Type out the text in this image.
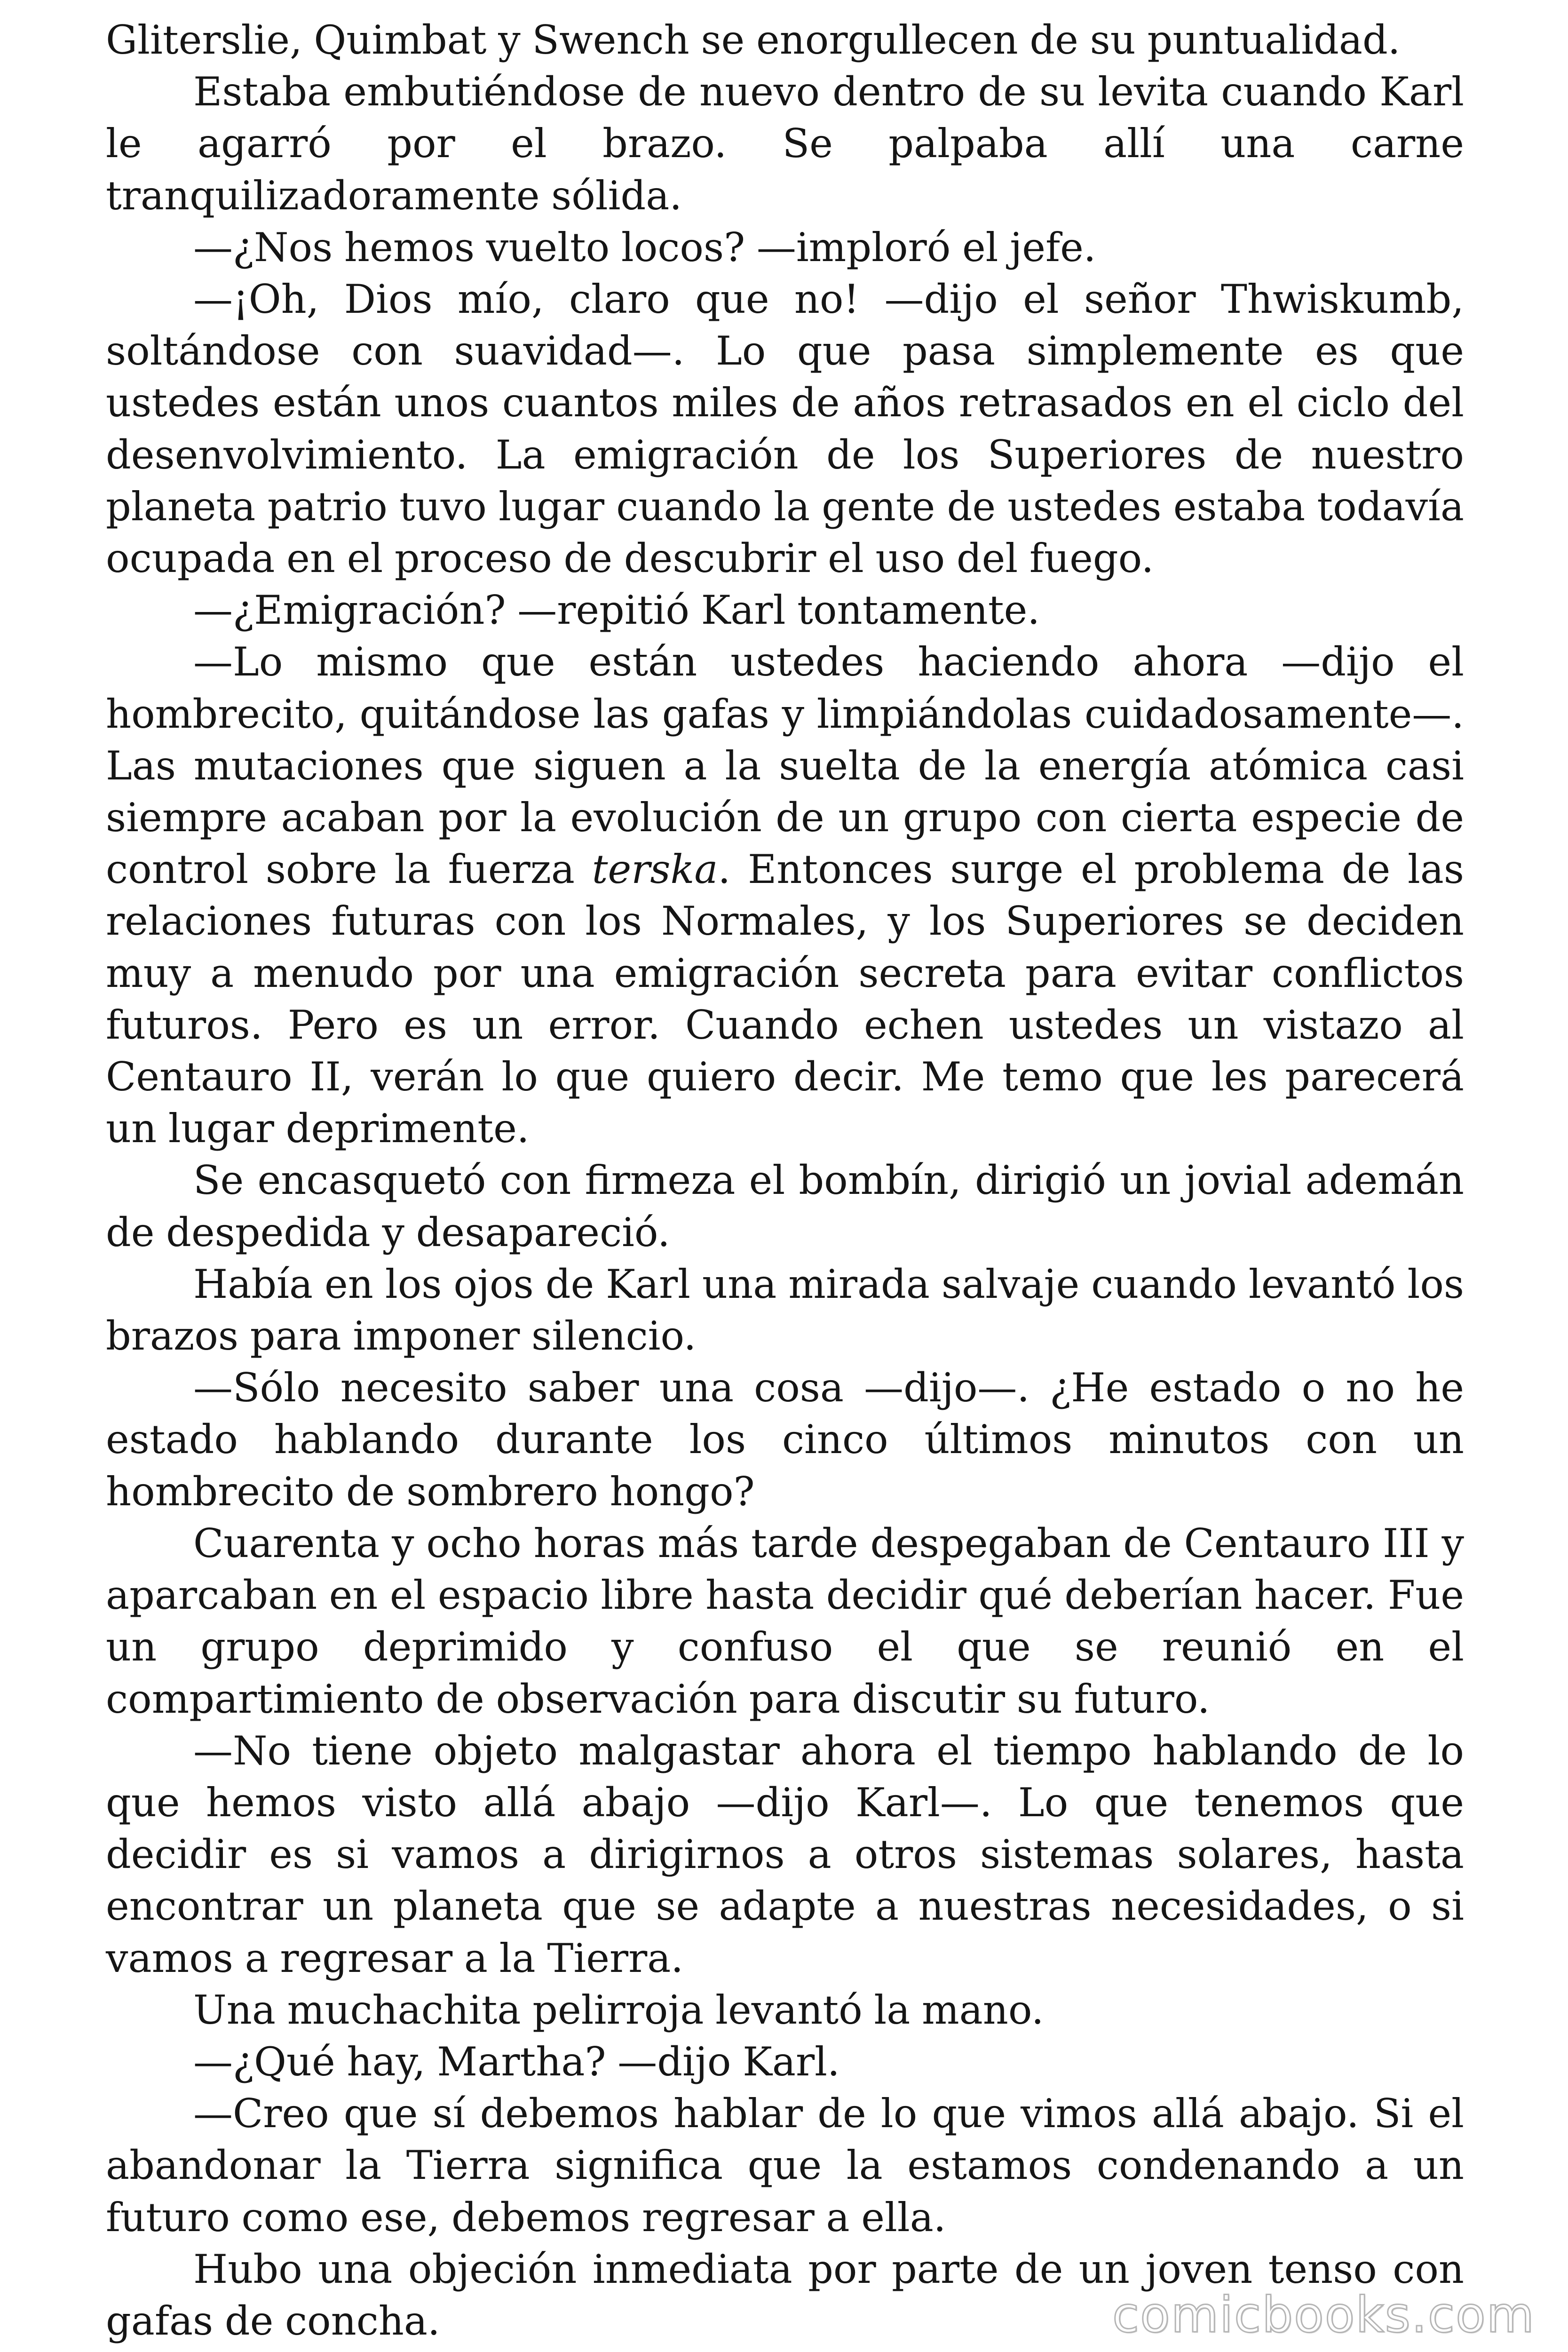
Gliterslie, Quimbat y Swench se enorgullecen de su puntualidad.

Estaba embutiéndose de nuevo dentro de su levita cuando Karl le agarró por el brazo. Se palpaba allí una carne tranquilizadoramente sólida.

—¿Nos hemos vuelto locos? —imploró el jefe.

—¡Oh, Dios mío, claro que no! —dijo el señor Thwiskumb, soltándose con suavidad—. Lo que pasa simplemente es que ustedes están unos cuantos miles de años retrasados en el ciclo del desenvolvimiento. La emigración de los Superiores de nuestro planeta patrio tuvo lugar cuando la gente de ustedes estaba todavía ocupada en el proceso de descubrir el uso del fuego.

—¿Emigración? —repitió Karl tontamente.

—Lo mismo que están ustedes haciendo ahora —dijo el hombrecito, quitándose las gafas y limpiándolas cuidadosamente—. Las mutaciones que siguen a la suelta de la energía atómica casi siempre acaban por la evolución de un grupo con cierta especie de control sobre la fuerza terska. Entonces surge el problema de las relaciones futuras con los Normales, y los Superiores se deciden muy a menudo por una emigración secreta para evitar conflictos futuros. Pero es un error. Cuando echen ustedes un vistazo al Centauro II, verán lo que quiero decir. Me temo que les parecerá un lugar deprimente.

Se encasquetó con firmeza el bombín, dirigió un jovial ademán de despedida y desapareció.

Había en los ojos de Karl una mirada salvaje cuando levantó los brazos para imponer silencio.

—Sólo necesito saber una cosa —dijo—. ¿He estado o no he estado hablando durante los cinco últimos minutos con un hombrecito de sombrero hongo?

Cuarenta y ocho horas más tarde despegaban de Centauro III y aparcaban en el espacio libre hasta decidir qué deberían hacer. Fue un grupo deprimido y confuso el que se reunió en el compartimiento de observación para discutir su futuro.

—No tiene objeto malgastar ahora el tiempo hablando de lo que hemos visto allá abajo —dijo Karl—. Lo que tenemos que decidir es si vamos a dirigirnos a otros sistemas solares, hasta encontrar un planeta que se adapte a nuestras necesidades, o si vamos a regresar a la Tierra.

Una muchachita pelirroja levantó la mano.

—¿Qué hay, Martha? —dijo Karl.

—Creo que sí debemos hablar de lo que vimos allá abajo. Si el abandonar la Tierra significa que la estamos condenando a un futuro como ese, debemos regresar a ella.

Hubo una objeción inmediata por parte de un joven tenso con gafas de concha.	comicbooks.com
